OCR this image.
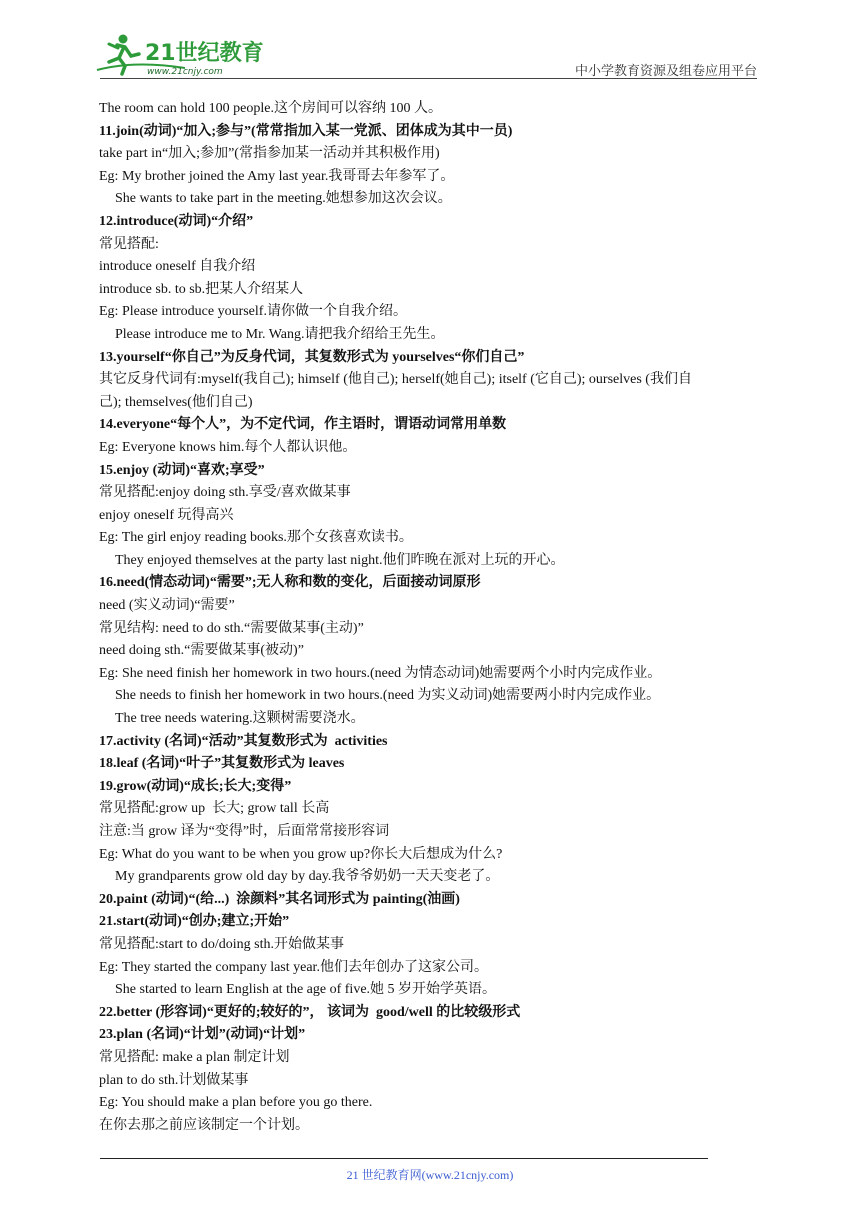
21世纪教育
www.21cnjy.com	中小学教育资源及组卷应用平台

The room can hold 100 people.这个房间可以容纳 100 人。

11.join(动词)“加入;参与”(常常指加入某一党派、团体成为其中一员)

take part in“加入;参加”(常指参加某一活动并其积极作用)

Eg: My brother joined the Amy last year.我哥哥去年参军了。

She wants to take part in the meeting.她想参加这次会议。

12.introduce(动词)“介绍”

常见搭配:

introduce oneself 自我介绍

introduce sb. to sb.把某人介绍某人

Eg: Please introduce yourself.请你做一个自我介绍。

Please introduce me to Mr. Wang.请把我介绍给王先生。

13.yourself“你自己”为反身代词，其复数形式为 yourselves“你们自己”

其它反身代词有:myself(我自己); himself (他自己); herself(她自己); itself (它自己); ourselves (我们自

己); themselves(他们自己)

14.everyone“每个人”，为不定代词，作主语时，谓语动词常用单数

Eg: Everyone knows him.每个人都认识他。

15.enjoy (动词)“喜欢;享受”

常见搭配:enjoy doing sth.享受/喜欢做某事

enjoy oneself 玩得高兴

Eg: The girl enjoy reading books.那个女孩喜欢读书。

They enjoyed themselves at the party last night.他们昨晚在派对上玩的开心。

16.need(情态动词)“需要”;无人称和数的变化，后面接动词原形

need (实义动词)“需要”

常见结构: need to do sth.“需要做某事(主动)”

need doing sth.“需要做某事(被动)”

Eg: She need finish her homework in two hours.(need 为情态动词)她需要两个小时内完成作业。

She needs to finish her homework in two hours.(need 为实义动词)她需要两小时内完成作业。

The tree needs watering.这颗树需要浇水。

17.activity (名词)“活动”其复数形式为  activities

18.leaf (名词)“叶子”其复数形式为 leaves

19.grow(动词)“成长;长大;变得”

常见搭配:grow up  长大; grow tall 长高

注意:当 grow 译为“变得”时，后面常常接形容词

Eg: What do you want to be when you grow up?你长大后想成为什么?

My grandparents grow old day by day.我爷爷奶奶一天天变老了。

20.paint (动词)“(给...)  涂颜料”其名词形式为 painting(油画)

21.start(动词)“创办;建立;开始”

常见搭配:start to do/doing sth.开始做某事

Eg: They started the company last year.他们去年创办了这家公司。

She started to learn English at the age of five.她 5 岁开始学英语。

22.better (形容词)“更好的;较好的”， 该词为  good/well 的比较级形式

23.plan (名词)“计划”(动词)“计划”

常见搭配: make a plan 制定计划

plan to do sth.计划做某事

Eg: You should make a plan before you go there.

在你去那之前应该制定一个计划。

21 世纪教育网(www.21cnjy.com)
